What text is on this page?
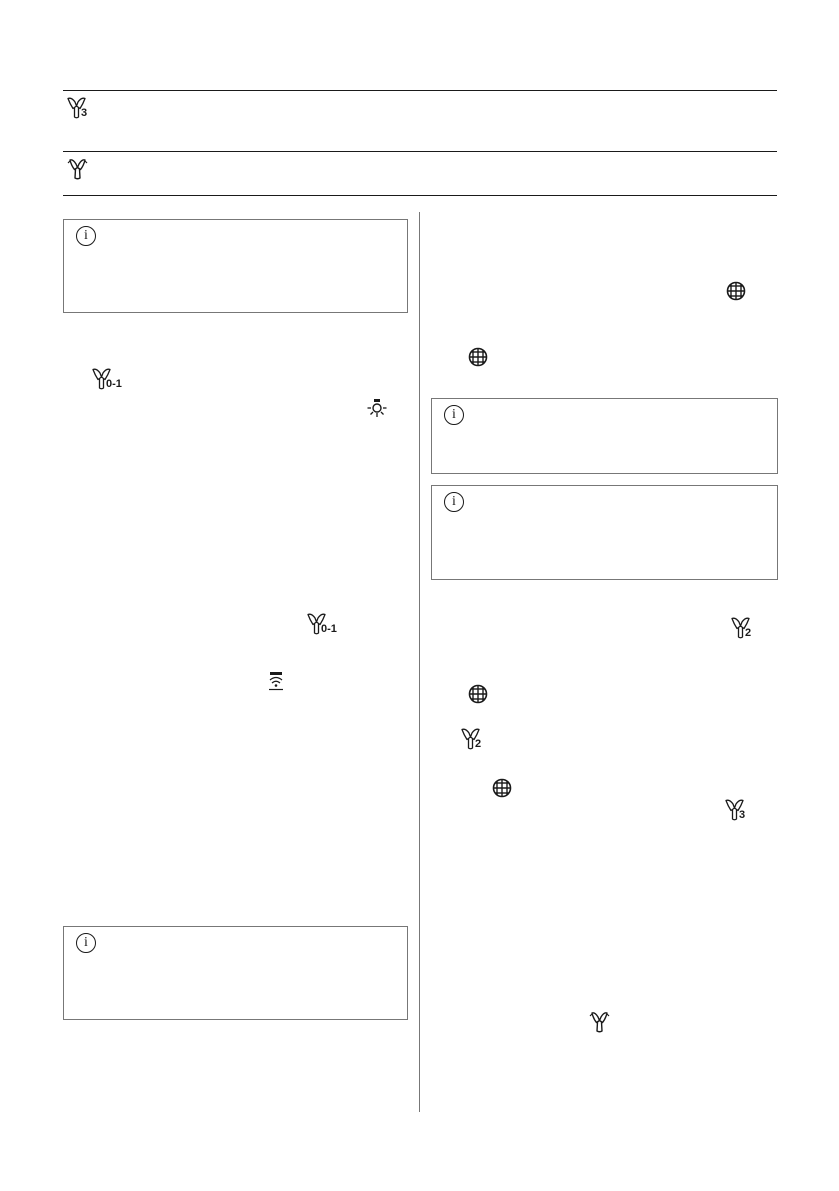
3
i
0-1
0-1
i
i
i
2
2
3
